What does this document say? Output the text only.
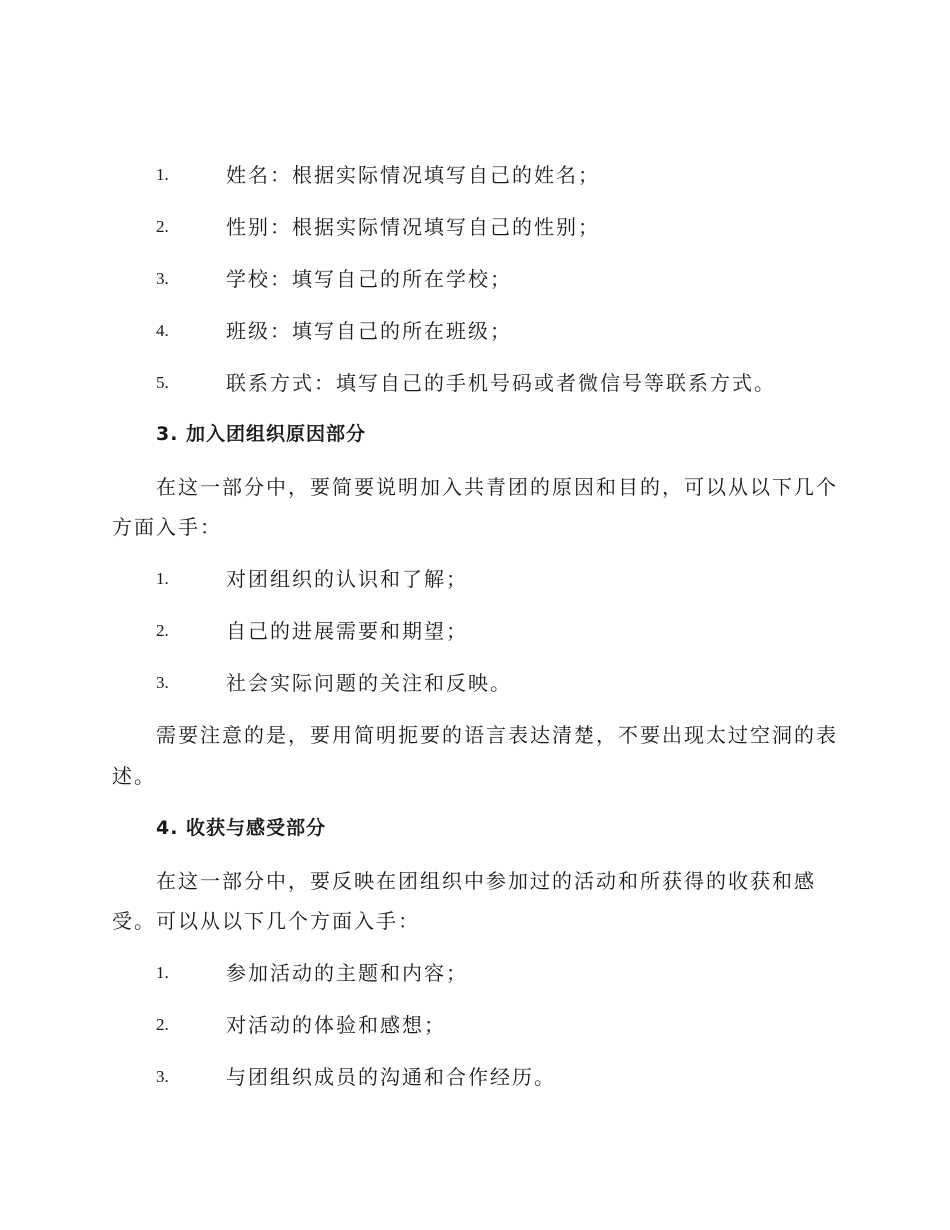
1.	姓名：根据实际情况填写自己的姓名；
2.	性别：根据实际情况填写自己的性别；
3.	学校：填写自己的所在学校；
4.	班级：填写自己的所在班级；
5.	联系方式：填写自己的手机号码或者微信号等联系方式。
3. 加入团组织原因部分
在这一部分中，要简要说明加入共青团的原因和目的，可以从以下几个
方面入手：
1.	对团组织的认识和了解；
2.	自己的进展需要和期望；
3.	社会实际问题的关注和反映。
需要注意的是，要用简明扼要的语言表达清楚，不要出现太过空洞的表
述。
4. 收获与感受部分
在这一部分中，要反映在团组织中参加过的活动和所获得的收获和感
受。可以从以下几个方面入手：
1.	参加活动的主题和内容；
2.	对活动的体验和感想；
3.	与团组织成员的沟通和合作经历。
